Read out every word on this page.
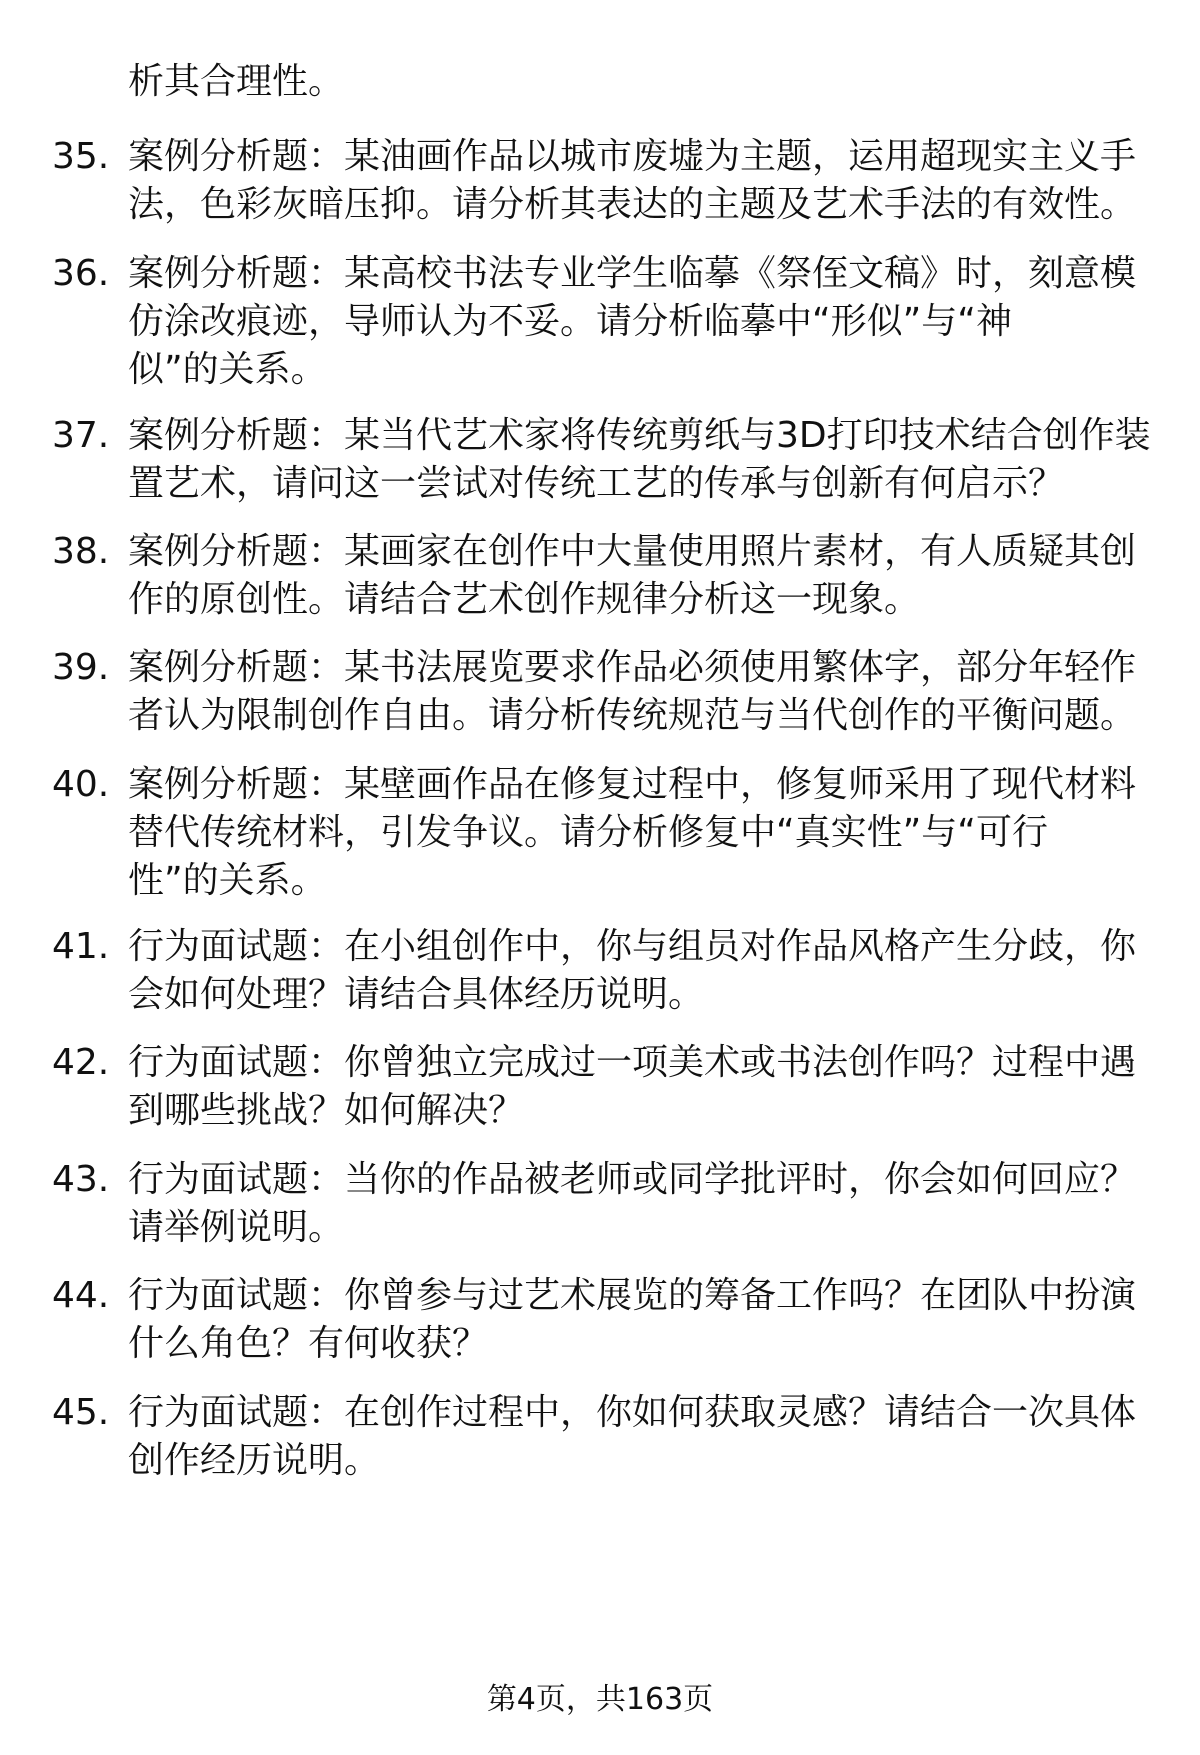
析其合理性。
35. 案例分析题：某油画作品以城市废墟为主题，运用超现实主义手
法，色彩灰暗压抑。请分析其表达的主题及艺术手法的有效性。
36. 案例分析题：某高校书法专业学生临摹《祭侄文稿》时，刻意模
仿涂改痕迹，导师认为不妥。请分析临摹中“形似”与“神
似”的关系。
37. 案例分析题：某当代艺术家将传统剪纸与3D打印技术结合创作装
置艺术，请问这一尝试对传统工艺的传承与创新有何启示？
38. 案例分析题：某画家在创作中大量使用照片素材，有人质疑其创
作的原创性。请结合艺术创作规律分析这一现象。
39. 案例分析题：某书法展览要求作品必须使用繁体字，部分年轻作
者认为限制创作自由。请分析传统规范与当代创作的平衡问题。
40. 案例分析题：某壁画作品在修复过程中，修复师采用了现代材料
替代传统材料，引发争议。请分析修复中“真实性”与“可行
性”的关系。
41. 行为面试题：在小组创作中，你与组员对作品风格产生分歧，你
会如何处理？请结合具体经历说明。
42. 行为面试题：你曾独立完成过一项美术或书法创作吗？过程中遇
到哪些挑战？如何解决？
43. 行为面试题：当你的作品被老师或同学批评时，你会如何回应？
请举例说明。
44. 行为面试题：你曾参与过艺术展览的筹备工作吗？在团队中扮演
什么角色？有何收获？
45. 行为面试题：在创作过程中，你如何获取灵感？请结合一次具体
创作经历说明。
第4页，共163页
